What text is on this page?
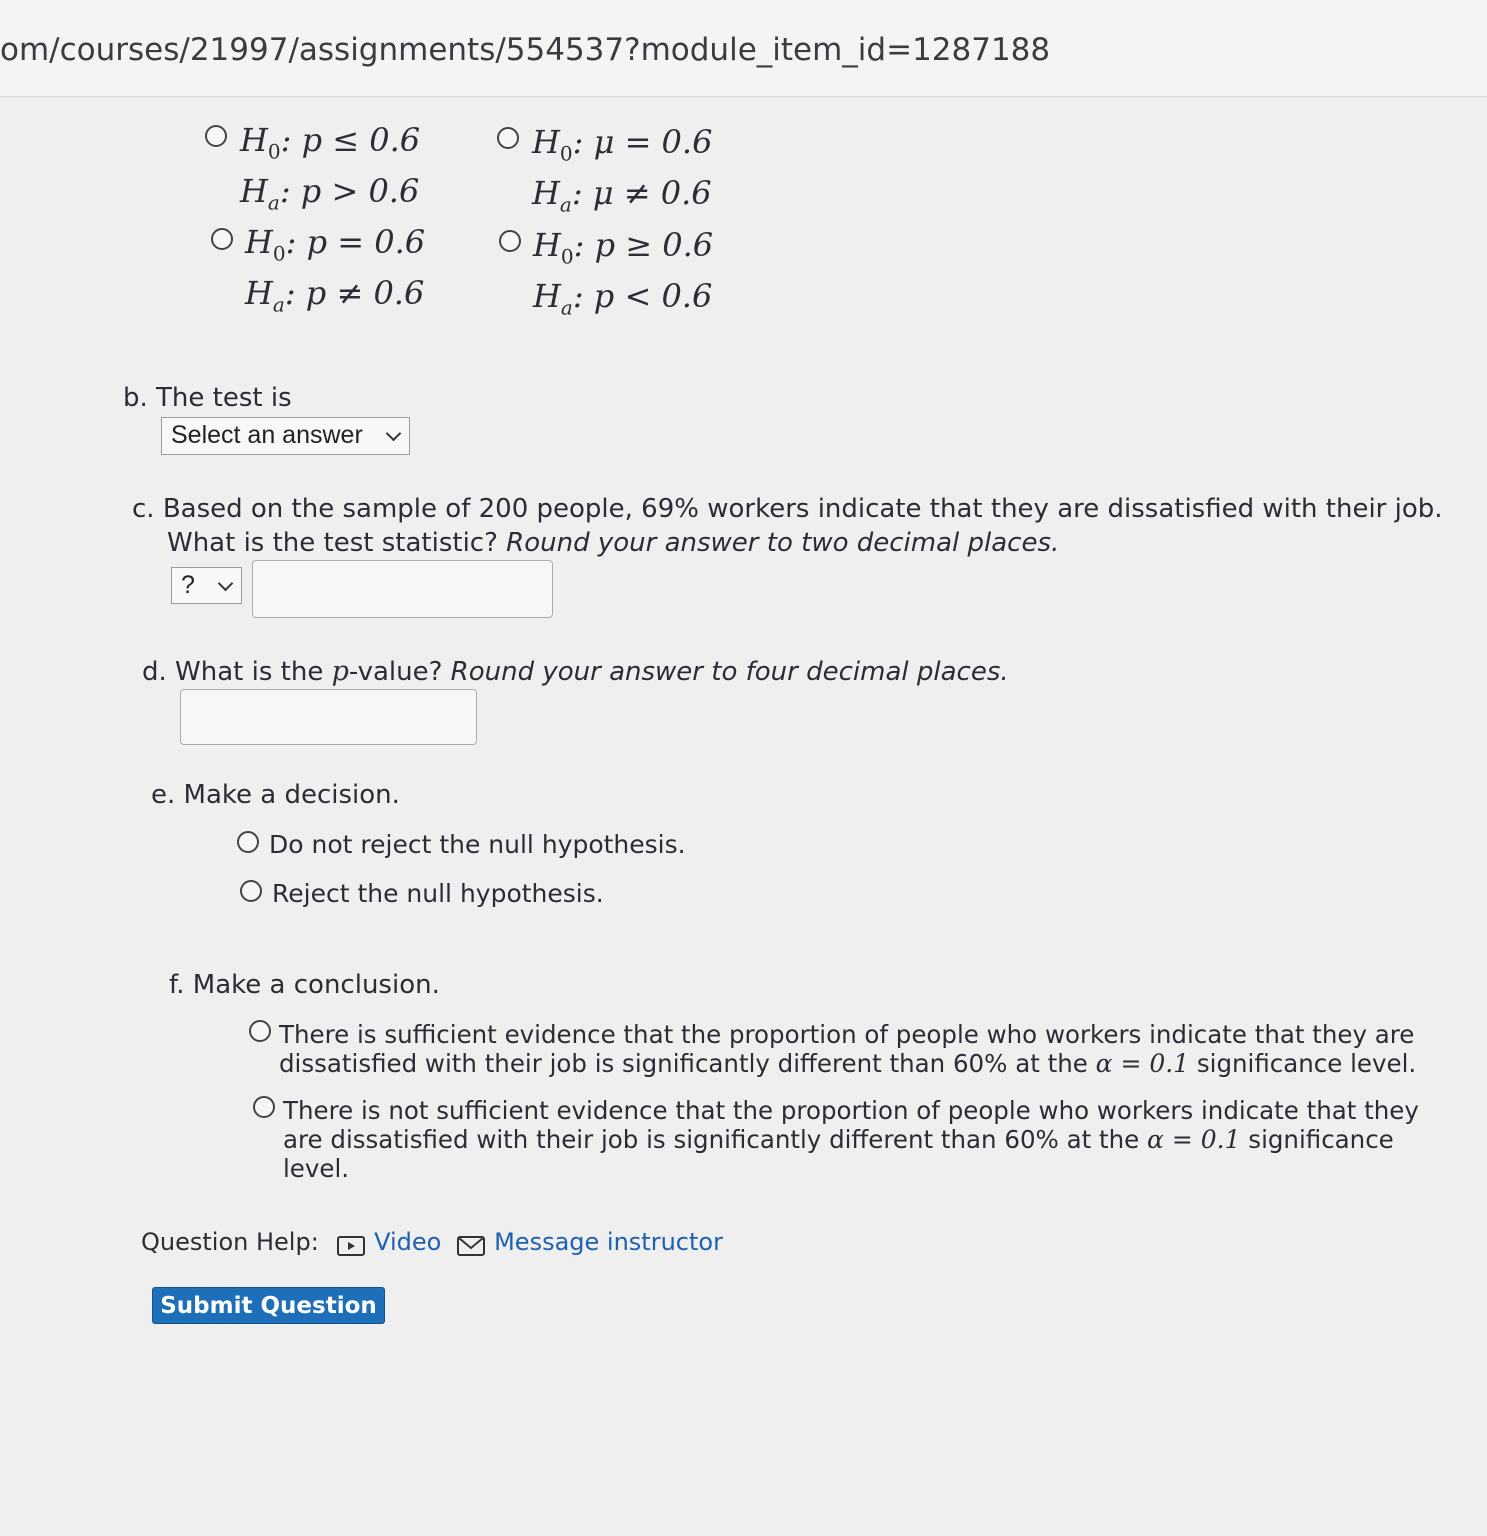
om/courses/21997/assignments/554537?module_item_id=1287188
$H_0$: p ≤ 0.6
$H_a$: p > 0.6
$H_0$: μ = 0.6
$H_a$: μ ≠ 0.6
$H_0$: p = 0.6
$H_a$: p ≠ 0.6
$H_0$: p ≥ 0.6
$H_a$: p < 0.6
b. The test is
Select an answer
c. Based on the sample of 200 people, 69% workers indicate that they are dissatisfied with their job.
What is the test statistic? Round your answer to two decimal places.
?
d. What is the p-value? Round your answer to four decimal places.
e. Make a decision.
Do not reject the null hypothesis.
Reject the null hypothesis.
f. Make a conclusion.
There is sufficient evidence that the proportion of people who workers indicate that they are
dissatisfied with their job is significantly different than 60% at the α = 0.1 significance level.
There is not sufficient evidence that the proportion of people who workers indicate that they
are dissatisfied with their job is significantly different than 60% at the α = 0.1 significance
level.
Question Help:	Video	Message instructor
Submit Question
